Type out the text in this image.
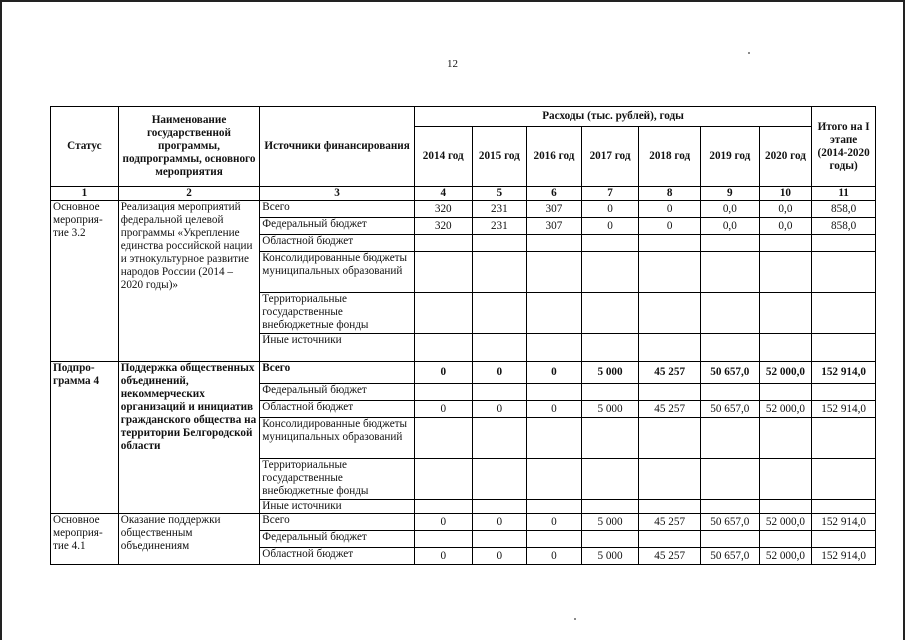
12
Статус	Наименование государственной программы, подпрограммы, основного мероприятия	Источники финансирования	Расходы (тыс. рублей), годы							Итого на I этапе (2014-2020 годы)
			2014 год	2015 год	2016 год	2017 год	2018 год	2019 год	2020 год	
1	2	3	4	5	6	7	8	9	10	11
Основное мероприя-тие 3.2	Реализация мероприятий федеральной целевой программы «Укрепление единства российской нации и этнокультурное развитие народов России (2014 – 2020 годы)»	Всего	320	231	307	0	0	0,0	0,0	858,0
		Федеральный бюджет	320	231	307	0	0	0,0	0,0	858,0
		Областной бюджет								
		Консолидированные бюджеты муниципальных образований								
		Территориальные государственные внебюджетные фонды								
		Иные источники								
Подпро-грамма 4	Поддержка общественных объединений, некоммерческих организаций и инициатив гражданского общества на территории Белгородской области	Всего	0	0	0	5 000	45 257	50 657,0	52 000,0	152 914,0
		Федеральный бюджет								
		Областной бюджет	0	0	0	5 000	45 257	50 657,0	52 000,0	152 914,0
		Консолидированные бюджеты муниципальных образований								
		Территориальные государственные внебюджетные фонды								
		Иные источники								
Основное мероприя-тие 4.1	Оказание поддержки общественным объединениям	Всего	0	0	0	5 000	45 257	50 657,0	52 000,0	152 914,0
		Федеральный бюджет								
		Областной бюджет	0	0	0	5 000	45 257	50 657,0	52 000,0	152 914,0
